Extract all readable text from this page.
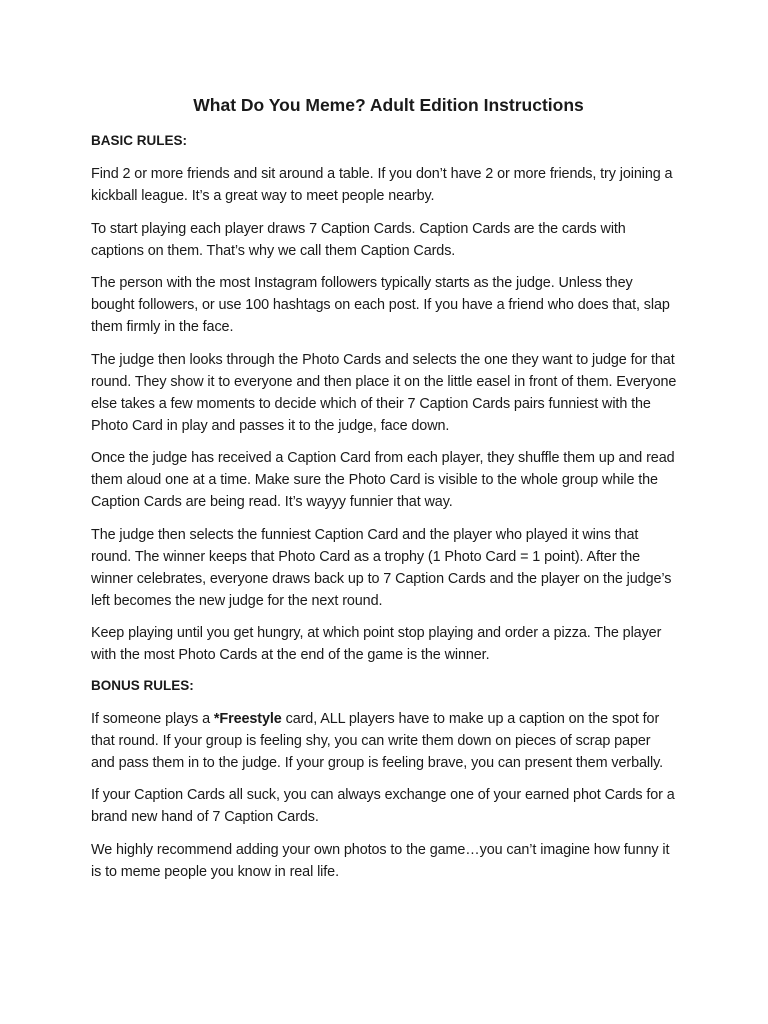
What Do You Meme? Adult Edition Instructions
BASIC RULES:

Find 2 or more friends and sit around a table. If you don’t have 2 or more friends, try joining a kickball league. It’s a great way to meet people nearby.

To start playing each player draws 7 Caption Cards. Caption Cards are the cards with captions on them. That’s why we call them Caption Cards.

The person with the most Instagram followers typically starts as the judge. Unless they bought followers, or use 100 hashtags on each post. If you have a friend who does that, slap them firmly in the face.

The judge then looks through the Photo Cards and selects the one they want to judge for that round. They show it to everyone and then place it on the little easel in front of them. Everyone else takes a few moments to decide which of their 7 Caption Cards pairs funniest with the Photo Card in play and passes it to the judge, face down.

Once the judge has received a Caption Card from each player, they shuffle them up and read them aloud one at a time. Make sure the Photo Card is visible to the whole group while the Caption Cards are being read. It’s wayyy funnier that way.

The judge then selects the funniest Caption Card and the player who played it wins that round. The winner keeps that Photo Card as a trophy (1 Photo Card = 1 point). After the winner celebrates, everyone draws back up to 7 Caption Cards and the player on the judge’s left becomes the new judge for the next round.

Keep playing until you get hungry, at which point stop playing and order a pizza. The player with the most Photo Cards at the end of the game is the winner.

BONUS RULES:

If someone plays a *Freestyle card, ALL players have to make up a caption on the spot for that round. If your group is feeling shy, you can write them down on pieces of scrap paper and pass them in to the judge. If your group is feeling brave, you can present them verbally.

If your Caption Cards all suck, you can always exchange one of your earned phot Cards for a brand new hand of 7 Caption Cards.

We highly recommend adding your own photos to the game…you can’t imagine how funny it is to meme people you know in real life.
